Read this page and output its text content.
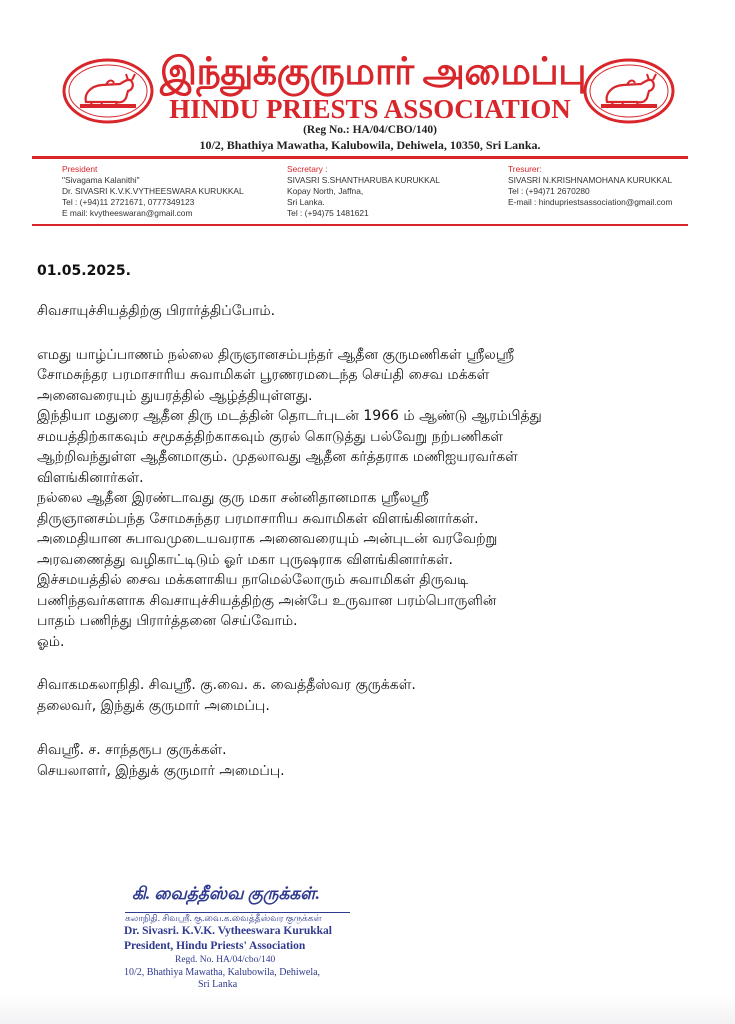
இந்துக்குருமார் அமைப்பு
HINDU PRIESTS ASSOCIATION
(Reg No.: HA/04/CBO/140)
10/2, Bhathiya Mawatha, Kalubowila, Dehiwela, 10350, Sri Lanka.
President
"Sivagama Kalanithi"
Dr. SIVASRI K.V.K.VYTHEESWARA KURUKKAL
Tel : (+94)11 2721671, 0777349123
E mail: kvytheeswaran@gmail.com
Secretary :
SIVASRI S.SHANTHARUBA KURUKKAL
Kopay North, Jaffna,
Sri Lanka.
Tel : (+94)75 1481621
Tresurer:
SIVASRI N.KRISHNAMOHANA KURUKKAL
Tel : (+94)71 2670280
E-mail : hindupriestsassociation@gmail.com
01.05.2025.
சிவசாயுச்சியத்திற்கு பிரார்த்திப்போம்.
எமது யாழ்ப்பாணம் நல்லை திருஞானசம்பந்தர் ஆதீன குருமணிகள் ஸ்ரீலஸ்ரீ
சோமசுந்தர பரமாசாரிய சுவாமிகள் பூரணரமடைந்த செய்தி சைவ மக்கள்
அனைவரையும் துயரத்தில் ஆழ்த்தியுள்ளது.
இந்தியா மதுரை ஆதீன திரு மடத்தின் தொடர்புடன் 1966 ம் ஆண்டு ஆரம்பித்து
சமயத்திற்காகவும் சமூகத்திற்காகவும் குரல் கொடுத்து பல்வேறு நற்பணிகள்
ஆற்றிவந்துள்ள ஆதீனமாகும். முதலாவது ஆதீன கர்த்தராக மணிஐயரவர்கள்
விளங்கினார்கள்.
நல்லை ஆதீன இரண்டாவது குரு மகா சன்னிதானமாக ஸ்ரீலஸ்ரீ
திருஞானசம்பந்த சோமசுந்தர பரமாசாரிய சுவாமிகள் விளங்கினார்கள்.
அமைதியான சுபாவமுடையவராக அனைவரையும் அன்புடன் வரவேற்று
அரவணைத்து வழிகாட்டிடும் ஓர் மகா புருஷராக விளங்கினார்கள்.
இச்சமயத்தில் சைவ மக்களாகிய நாமெல்லோரும் சுவாமிகள் திருவடி
பணிந்தவர்களாக சிவசாயுச்சியத்திற்கு அன்பே உருவான பரம்பொருளின்
பாதம் பணிந்து பிரார்த்தனை செய்வோம்.
ஓம்.
சிவாகமகலாநிதி. சிவஸ்ரீ. கு.வை. க. வைத்தீஸ்வர குருக்கள்.
தலைவர், இந்துக் குருமார் அமைப்பு.
சிவஸ்ரீ. ச. சாந்தரூப குருக்கள்.
செயலாளர், இந்துக் குருமார் அமைப்பு.
கி. வைத்தீஸ்வ குருக்கள்.
கலாநிதி. சிவஸ்ரீ. கு.வை.க.வைத்தீஸ்வர குருக்கள்
Dr. Sivasri. K.V.K. Vytheeswara Kurukkal
President, Hindu Priests' Association
Regd. No. HA/04/cbo/140
10/2, Bhathiya Mawatha, Kalubowila, Dehiwela,
Sri Lanka
